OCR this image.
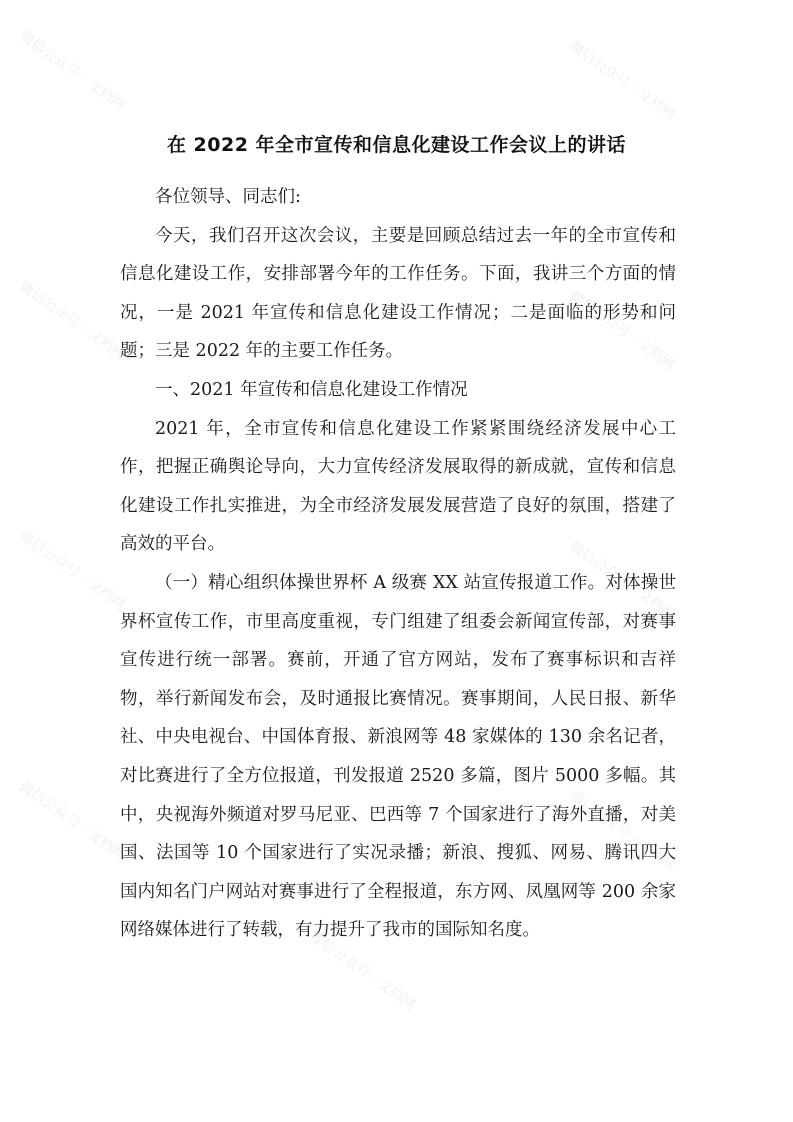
微信公众号 · 文档网	微信公众号 · 文档网
微信公众号 · 文档网	微信公众号 · 文档网
微信公众号 · 文档网	微信公众号 · 文档网
微信公众号 · 文档网	微信公众号 · 文档网
微信公众号 · 文档网
在 2022 年全市宣传和信息化建设工作会议上的讲话

各位领导、同志们:

今天，我们召开这次会议，主要是回顾总结过去一年的全市宣传和信息化建设工作，安排部署今年的工作任务。下面，我讲三个方面的情况，一是 2021 年宣传和信息化建设工作情况；二是面临的形势和问题；三是 2022 年的主要工作任务。

一、2021 年宣传和信息化建设工作情况

2021 年，全市宣传和信息化建设工作紧紧围绕经济发展中心工作，把握正确舆论导向，大力宣传经济发展取得的新成就，宣传和信息化建设工作扎实推进，为全市经济发展发展营造了良好的氛围，搭建了高效的平台。

（一）精心组织体操世界杯 A 级赛 XX 站宣传报道工作。对体操世界杯宣传工作，市里高度重视，专门组建了组委会新闻宣传部，对赛事宣传进行统一部署。赛前，开通了官方网站，发布了赛事标识和吉祥物，举行新闻发布会，及时通报比赛情况。赛事期间，人民日报、新华社、中央电视台、中国体育报、新浪网等 48 家媒体的 130 余名记者，对比赛进行了全方位报道，刊发报道 2520 多篇，图片 5000 多幅。其中，央视海外频道对罗马尼亚、巴西等 7 个国家进行了海外直播，对美国、法国等 10 个国家进行了实况录播；新浪、搜狐、网易、腾讯四大国内知名门户网站对赛事进行了全程报道，东方网、凤凰网等 200 余家网络媒体进行了转载，有力提升了我市的国际知名度。
